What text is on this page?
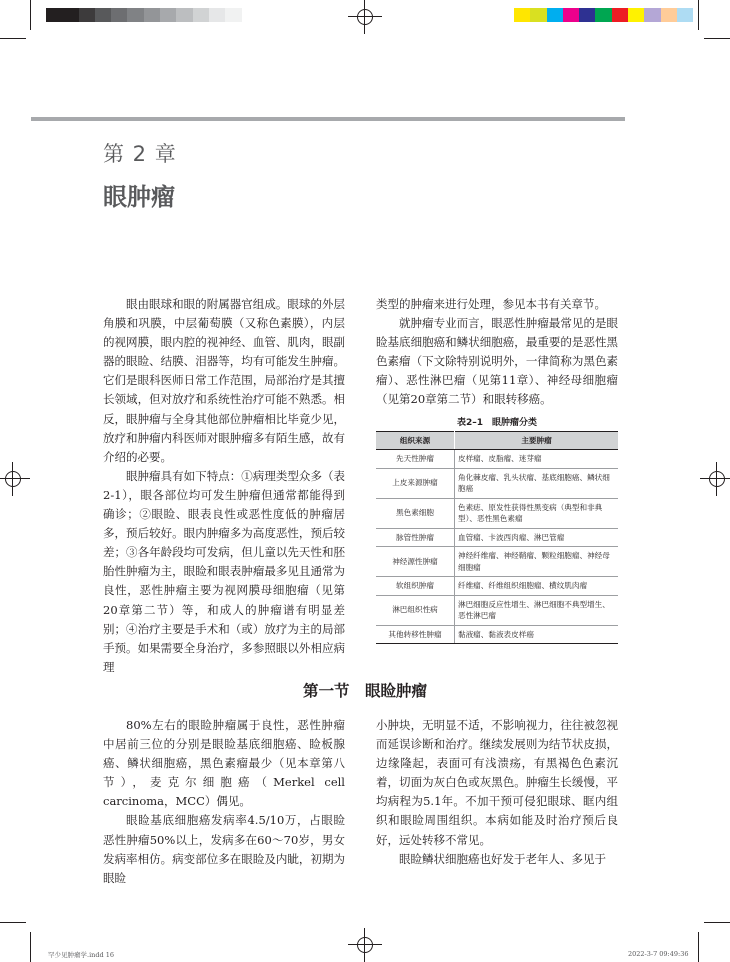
第 2 章
眼肿瘤

眼由眼球和眼的附属器官组成。眼球的外层角膜和巩膜，中层葡萄膜（又称色素膜），内层的视网膜，眼内腔的视神经、血管、肌肉，眼副器的眼睑、结膜、泪器等，均有可能发生肿瘤。它们是眼科医师日常工作范围，局部治疗是其擅长领域，但对放疗和系统性治疗可能不熟悉。相反，眼肿瘤与全身其他部位肿瘤相比毕竟少见，放疗和肿瘤内科医师对眼肿瘤多有陌生感，故有介绍的必要。

眼肿瘤具有如下特点：①病理类型众多（表2-1），眼各部位均可发生肿瘤但通常都能得到确诊；②眼睑、眼表良性或恶性度低的肿瘤居多，预后较好。眼内肿瘤多为高度恶性，预后较差；③各年龄段均可发病，但儿童以先天性和胚胎性肿瘤为主，眼睑和眼表肿瘤最多见且通常为良性，恶性肿瘤主要为视网膜母细胞瘤（见第20章第二节）等，和成人的肿瘤谱有明显差别；④治疗主要是手术和（或）放疗为主的局部手预。如果需要全身治疗，多参照眼以外相应病理

类型的肿瘤来进行处理，参见本书有关章节。

就肿瘤专业而言，眼恶性肿瘤最常见的是眼睑基底细胞癌和鳞状细胞癌，最重要的是恶性黑色素瘤（下文除特别说明外，一律简称为黑色素瘤）、恶性淋巴瘤（见第11章）、神经母细胞瘤（见第20章第二节）和眼转移癌。

表2–1　眼肿瘤分类
组织来源	主要肿瘤
先天性肿瘤	皮样瘤、皮脂瘤、迷芽瘤
上皮来源肿瘤	角化棘皮瘤、乳头状瘤、基底细胞癌、鳞状细胞癌
黑色素细胞	色素痣、原发性获得性黑变病（典型和非典型）、恶性黑色素瘤
脉管性肿瘤	血管瘤、卡波西肉瘤、淋巴管瘤
神经源性肿瘤	神经纤维瘤、神经鞘瘤、颗粒细胞瘤、神经母细胞瘤
软组织肿瘤	纤维瘤、纤维组织细胞瘤、横纹肌肉瘤
淋巴组织性病	淋巴细胞反应性增生、淋巴细胞不典型增生、恶性淋巴瘤
其他转移性肿瘤	黏液瘤、黏液表皮样癌
第一节　眼睑肿瘤

80%左右的眼睑肿瘤属于良性，恶性肿瘤中居前三位的分别是眼睑基底细胞癌、睑板腺癌、鳞状细胞癌，黑色素瘤最少（见本章第八节），麦克尔细胞癌（Merkel cell carcinoma，MCC）偶见。

眼睑基底细胞癌发病率4.5/10万，占眼睑恶性肿瘤50%以上，发病多在60～70岁，男女发病率相仿。病变部位多在眼睑及内眦，初期为眼睑

小肿块，无明显不适，不影响视力，往往被忽视而延误诊断和治疗。继续发展则为结节状皮损，边缘隆起，表面可有浅溃疡，有黑褐色色素沉着，切面为灰白色或灰黑色。肿瘤生长缓慢，平均病程为5.1年。不加干预可侵犯眼球、眶内组织和眼睑周围组织。本病如能及时治疗预后良好，远处转移不常见。

眼睑鳞状细胞癌也好发于老年人、多见于

罕少见肿瘤学.indd 16	2022-3-7 09:49:36
